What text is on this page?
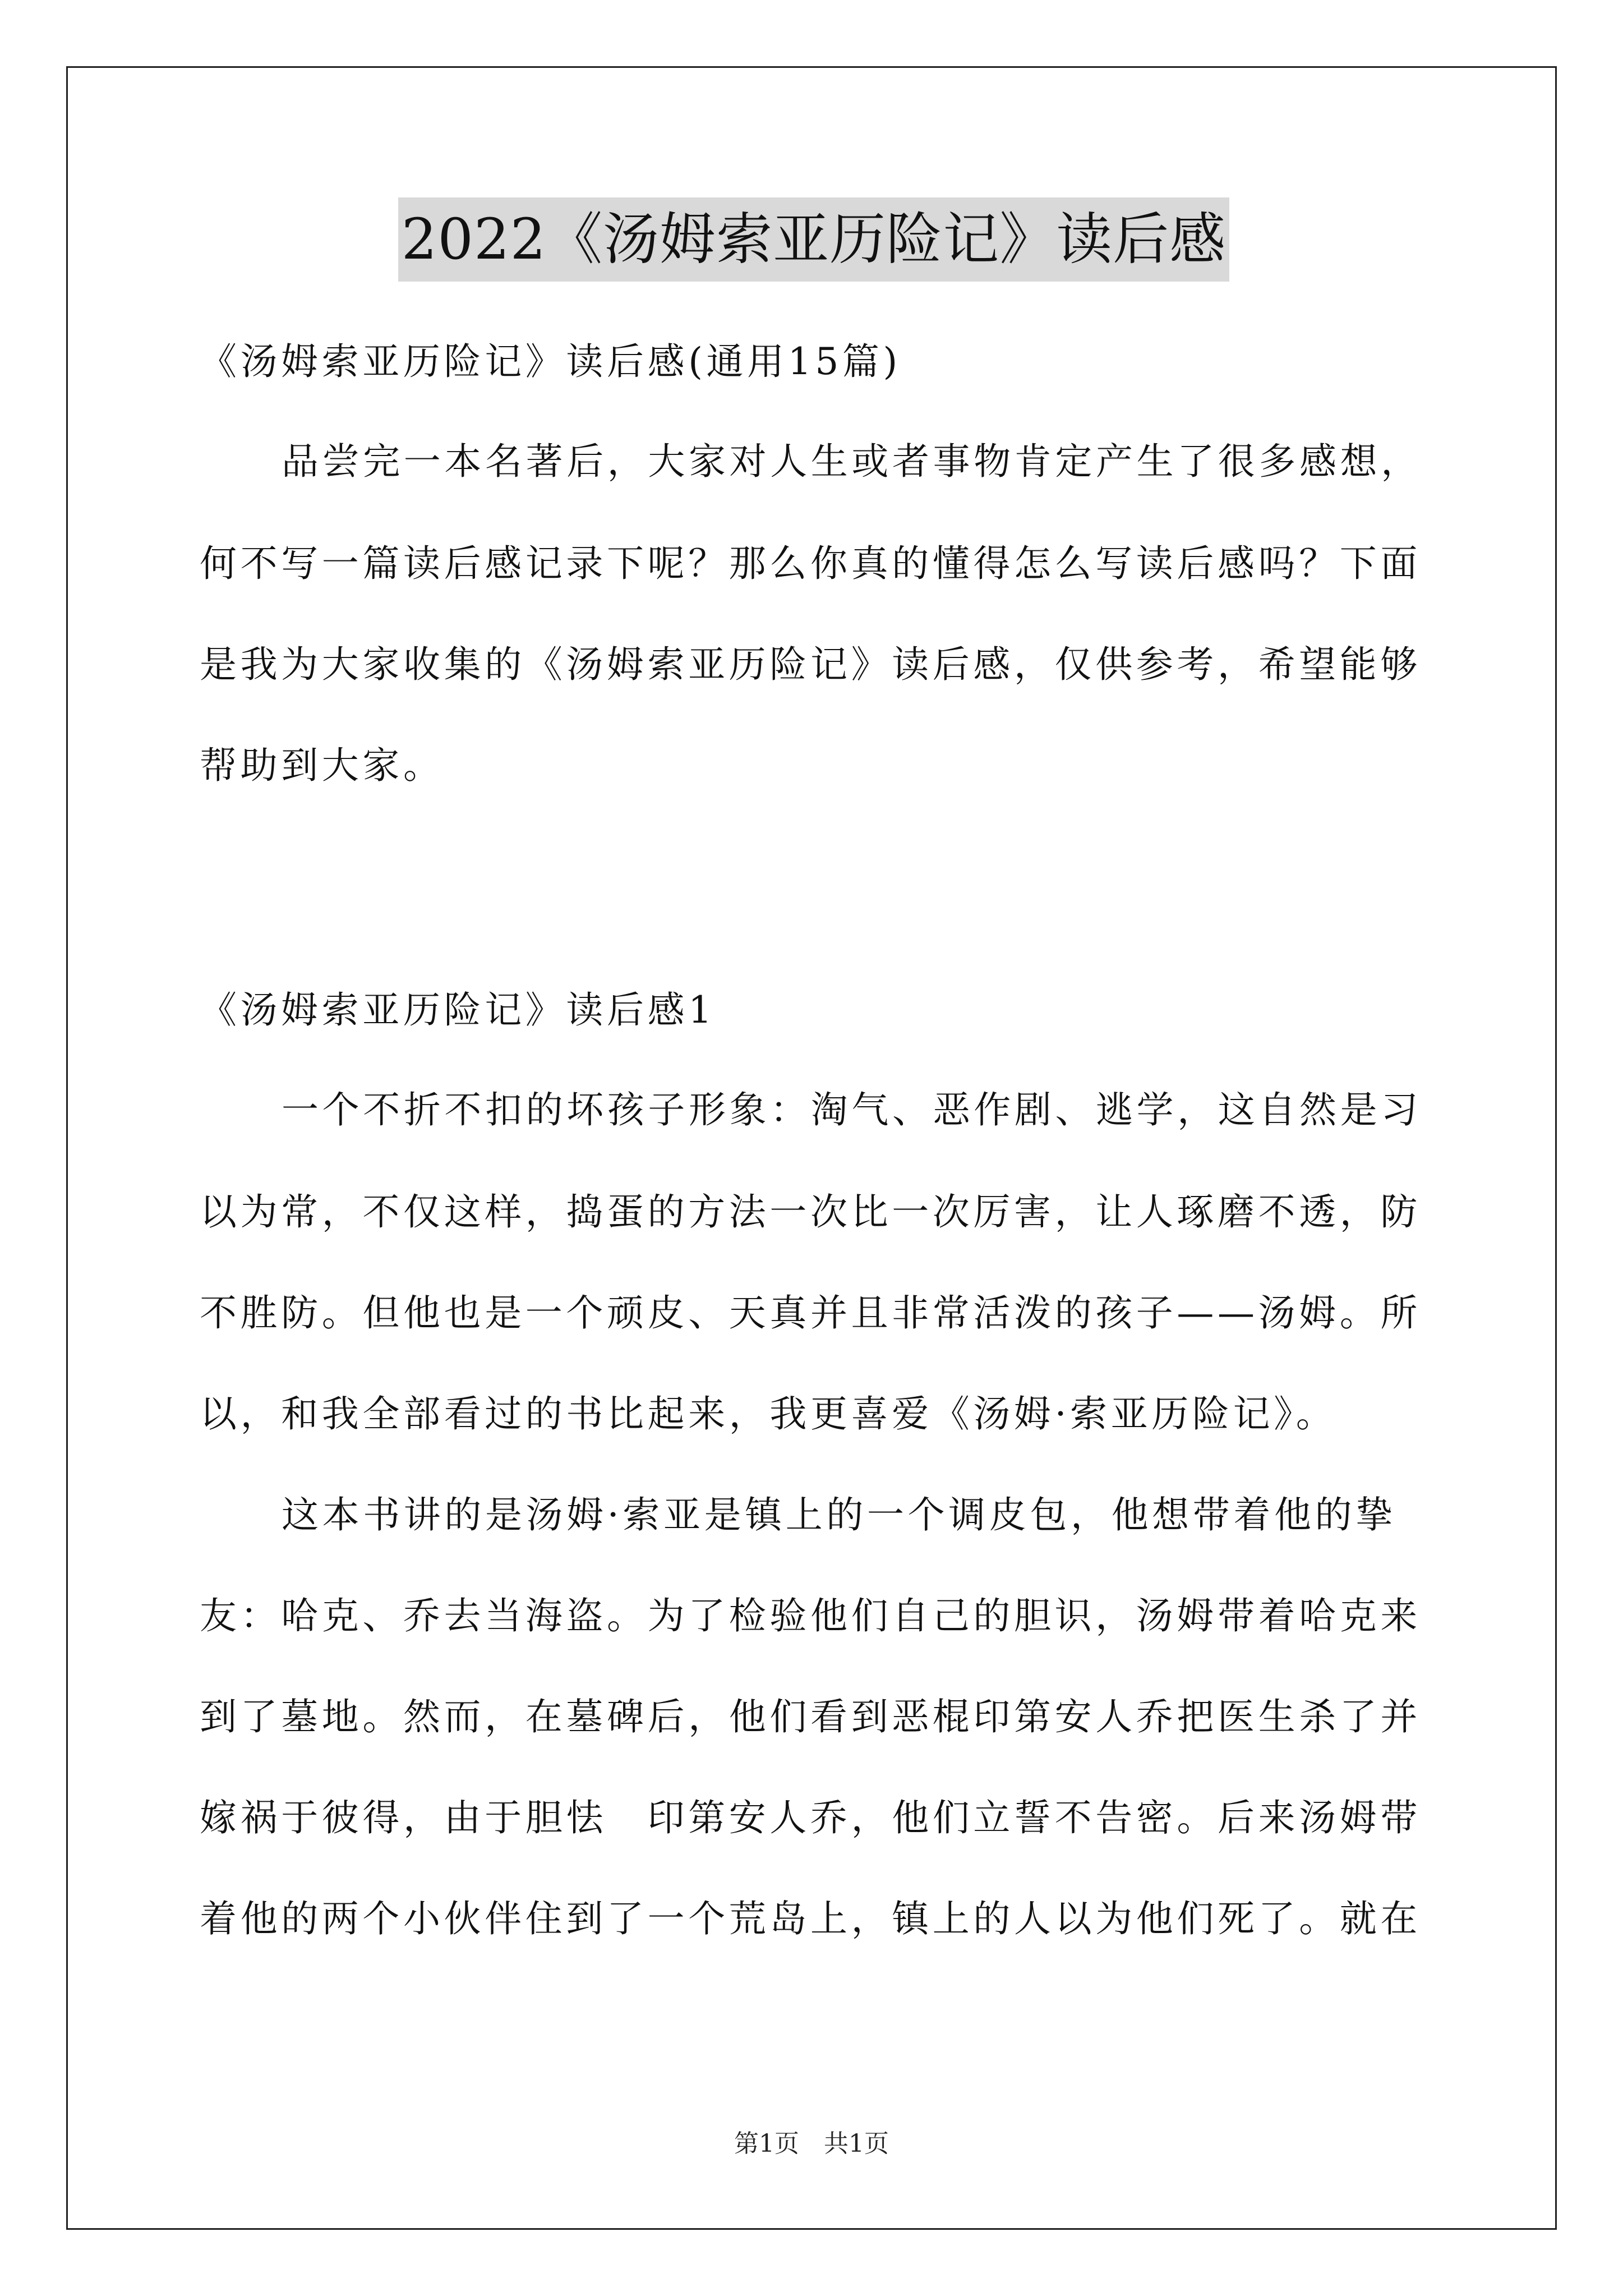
2022《汤姆索亚历险记》读后感
《汤姆索亚历险记》读后感(通用15篇)
品尝完一本名著后，大家对人生或者事物肯定产生了很多感想，
何不写一篇读后感记录下呢？那么你真的懂得怎么写读后感吗？下面
是我为大家收集的《汤姆索亚历险记》读后感，仅供参考，希望能够
帮助到大家。
《汤姆索亚历险记》读后感1
一个不折不扣的坏孩子形象：淘气、恶作剧、逃学，这自然是习
以为常，不仅这样，捣蛋的方法一次比一次厉害，让人琢磨不透，防
不胜防。但他也是一个顽皮、天真并且非常活泼的孩子——汤姆。所
以，和我全部看过的书比起来，我更喜爱《汤姆·索亚历险记》。
这本书讲的是汤姆·索亚是镇上的一个调皮包，他想带着他的挚
友：哈克、乔去当海盗。为了检验他们自己的胆识，汤姆带着哈克来
到了墓地。然而，在墓碑后，他们看到恶棍印第安人乔把医生杀了并
嫁祸于彼得，由于胆怯　印第安人乔，他们立誓不告密。后来汤姆带
着他的两个小伙伴住到了一个荒岛上，镇上的人以为他们死了。就在
第1页　共1页
